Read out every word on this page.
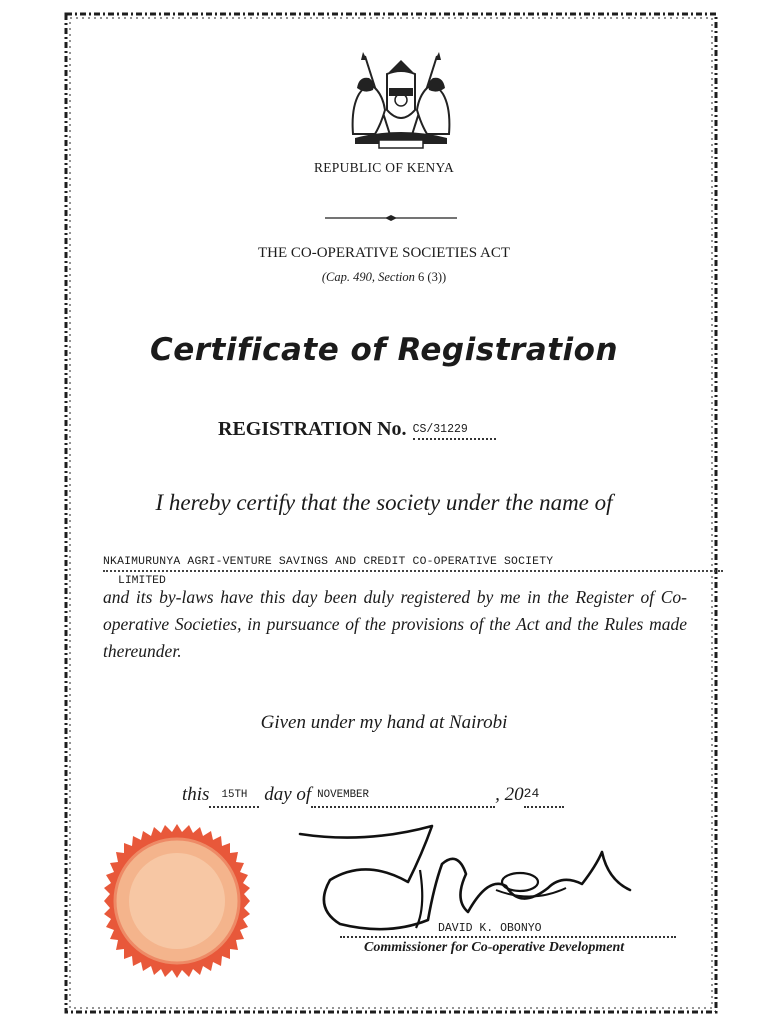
REPUBLIC OF KENYA
THE CO-OPERATIVE SOCIETIES ACT
(Cap. 490, Section 6 (3))
Certificate of Registration
REGISTRATION No. CS/31229
I hereby certify that the society under the name of
NKAIMURUNYA AGRI-VENTURE SAVINGS AND CREDIT CO-OPERATIVE SOCIETY
LIMITED
and its by-laws have this day been duly registered by me in the Register of Co-operative Societies, in pursuance of the provisions of the Act and the Rules made thereunder.
Given under my hand at Nairobi
this 15TH day of NOVEMBER	, 2024
DAVID K. OBONYO
Commissioner for Co-operative Development
